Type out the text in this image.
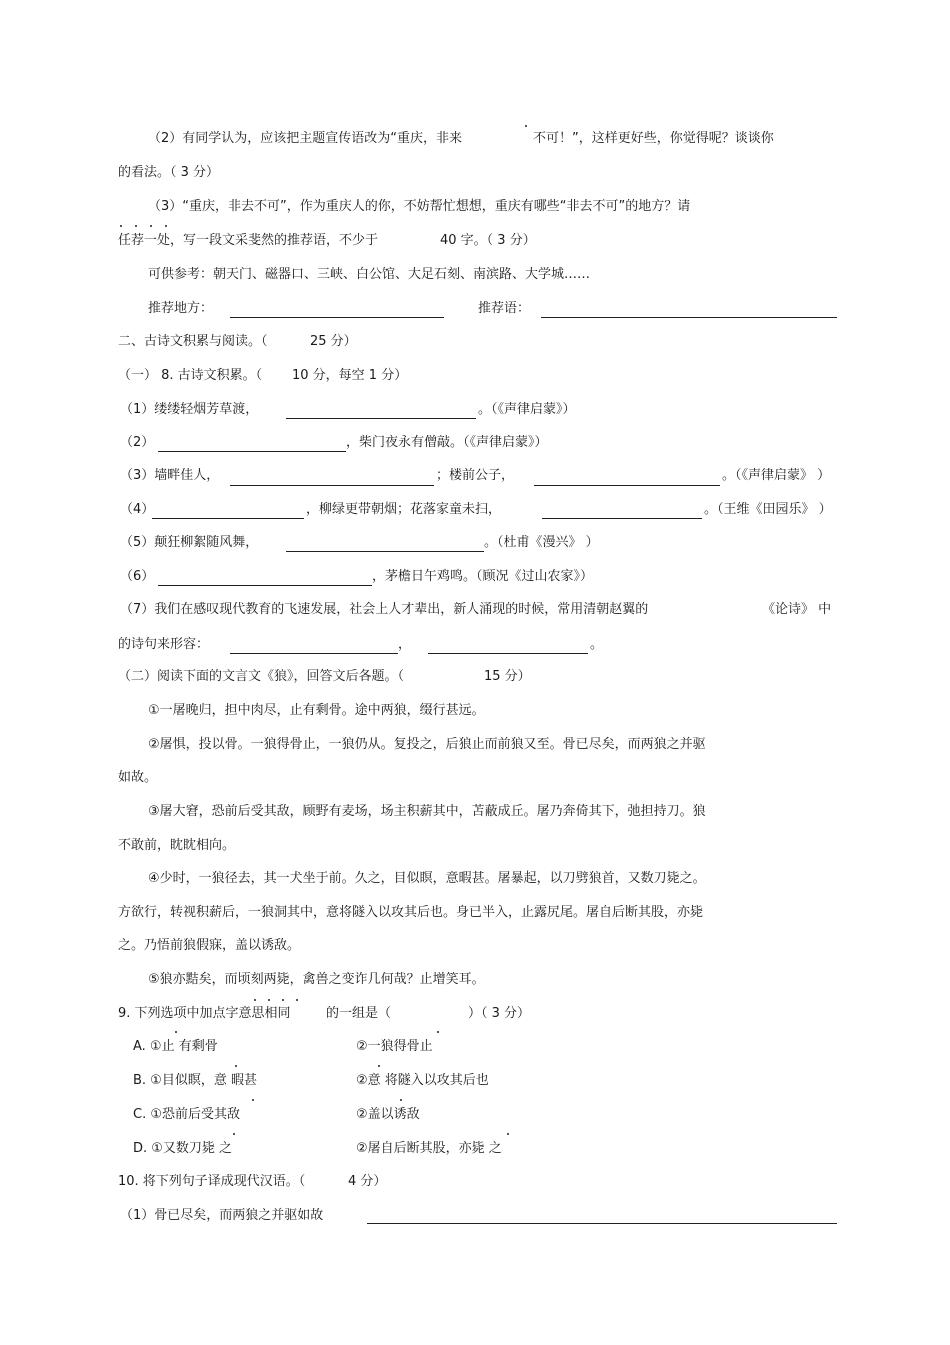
（2）有同学认为，应该把主题宣传语改为“重庆，非来	不可！”，这样更好些，你觉得呢？谈谈你
的看法。（ 3 分）
（3）“重庆，非去不可”，作为重庆人的你，不妨帮忙想想，重庆有哪些“非去不可”的地方？请
任荐一处，写一段文采斐然的推荐语，不少于	40 字。（ 3 分）
可供参考：朝天门、磁器口、三峡、白公馆、大足石刻、南滨路、大学城……
推荐地方：	推荐语：
二、古诗文积累与阅读。（	25 分）
（一） 8. 古诗文积累。（ 10 分，每空 1 分）
（1）缕缕轻烟芳草渡，	。（《声律启蒙》）
（2）	，柴门夜永有僧敲。（《声律启蒙》）
（3）墙畔佳人，	；楼前公子，	。（《声律启蒙》 ）
（4）	，柳绿更带朝烟；花落家童未扫，	。（王维《田园乐》 ）
（5）颠狂柳絮随风舞，	。（杜甫《漫兴》 ）
（6）	，茅檐日午鸡鸣。（顾况《过山农家》）
（7）我们在感叹现代教育的飞速发展，社会上人才辈出，新人涌现的时候，常用清朝赵翼的	《论诗》 中
的诗句来形容：	，	。
（二）阅读下面的文言文《狼》，回答文后各题。（	15 分）
①一屠晚归，担中肉尽，止有剩骨。途中两狼，缀行甚远。
②屠惧，投以骨。一狼得骨止，一狼仍从。复投之，后狼止而前狼又至。骨已尽矣，而两狼之并驱
如故。
③屠大窘，恐前后受其敌，顾野有麦场，场主积薪其中，苫蔽成丘。屠乃奔倚其下，弛担持刀。狼
不敢前，眈眈相向。
④少时，一狼径去，其一犬坐于前。久之，目似瞑，意暇甚。屠暴起，以刀劈狼首，又数刀毙之。
方欲行，转视积薪后，一狼洞其中，意将隧入以攻其后也。身已半入，止露尻尾。屠自后断其股，亦毙
之。乃悟前狼假寐，盖以诱敌。
⑤狼亦黠矣，而顷刻两毙，禽兽之变诈几何哉？止增笑耳。
9. 下列选项中加点字意思相同	的一组是（	）（ 3 分）
A. ①止 有剩骨	②一狼得骨止
B. ①目似瞑，意 暇甚	②意 将隧入以攻其后也
C. ①恐前后受其敌	②盖以诱敌
D. ①又数刀毙 之	②屠自后断其股，亦毙 之
10. 将下列句子译成现代汉语。（	4 分）
（1）骨已尽矣，而两狼之并驱如故
